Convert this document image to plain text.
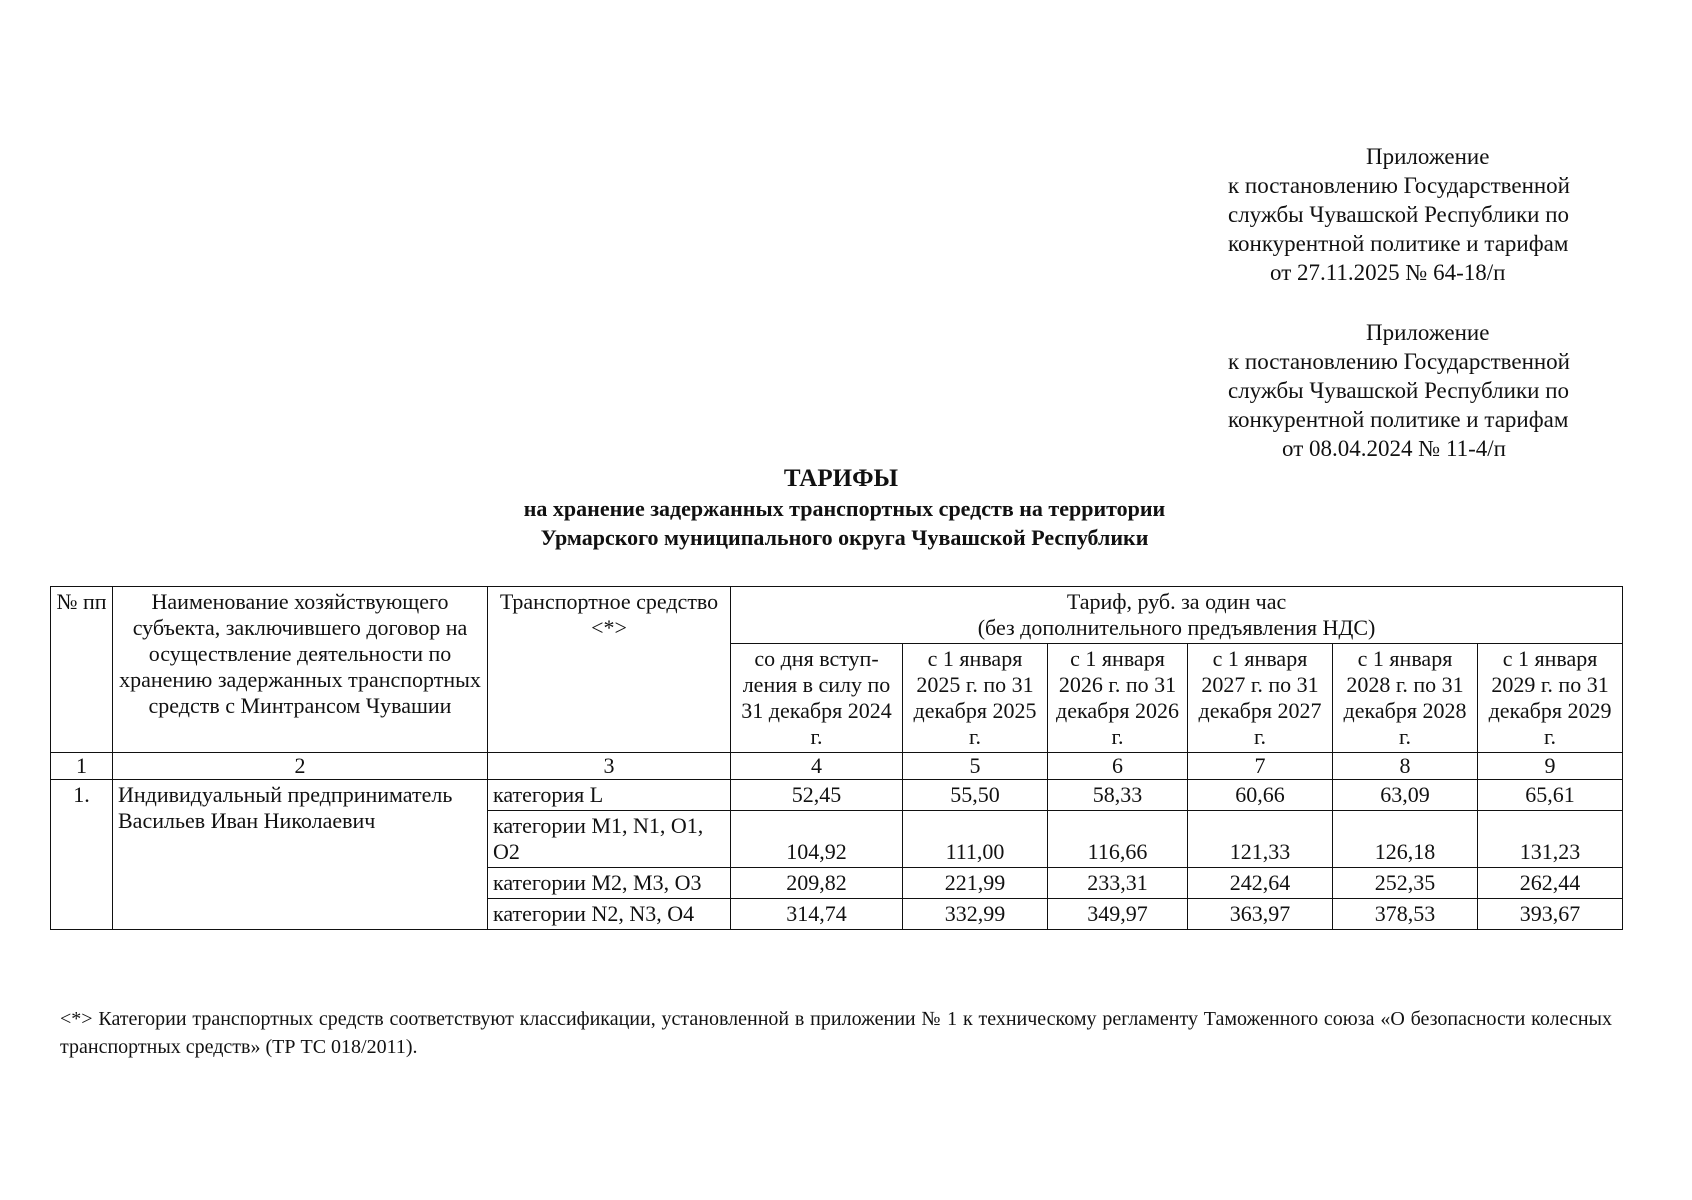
Приложение
к постановлению Государственной
службы Чувашской Республики по
конкурентной политике и тарифам
от 27.11.2025 № 64-18/п
Приложение
к постановлению Государственной
службы Чувашской Республики по
конкурентной политике и тарифам
от 08.04.2024 № 11-4/п
ТАРИФЫ
на хранение задержанных транспортных средств на территории
Урмарского муниципального округа Чувашской Республики
№ пп	Наименование хозяйствующего субъекта, заключившего договор на осуществление деятельности по хранению задержанных транспортных средств с Минтрансом Чувашии	Транспортное средство <*>	Тариф, руб. за один час
(без дополнительного предъявления НДС)					

			со дня вступ-ления в силу по 31 декабря 2024 г.	с 1 января 2025 г. по 31 декабря 2025 г.	с 1 января 2026 г. по 31 декабря 2026 г.	с 1 января 2027 г. по 31 декабря 2027 г.	с 1 января 2028 г. по 31 декабря 2028 г.	с 1 января 2029 г. по 31 декабря 2029 г.
1	2	3	4	5	6	7	8	9
1.	Индивидуальный предприниматель Васильев Иван Николаевич	категория L	52,45	55,50	58,33	60,66	63,09	65,61
		категории M1, N1, O1, O2	104,92	111,00	116,66	121,33	126,18	131,23
		категории M2, M3, O3	209,82	221,99	233,31	242,64	252,35	262,44
		категории N2, N3, O4	314,74	332,99	349,97	363,97	378,53	393,67
<*> Категории транспортных средств соответствуют классификации, установленной в приложении № 1 к техническому регламенту Таможенного союза «О безопасности колесных транспортных средств» (ТР ТС 018/2011).
